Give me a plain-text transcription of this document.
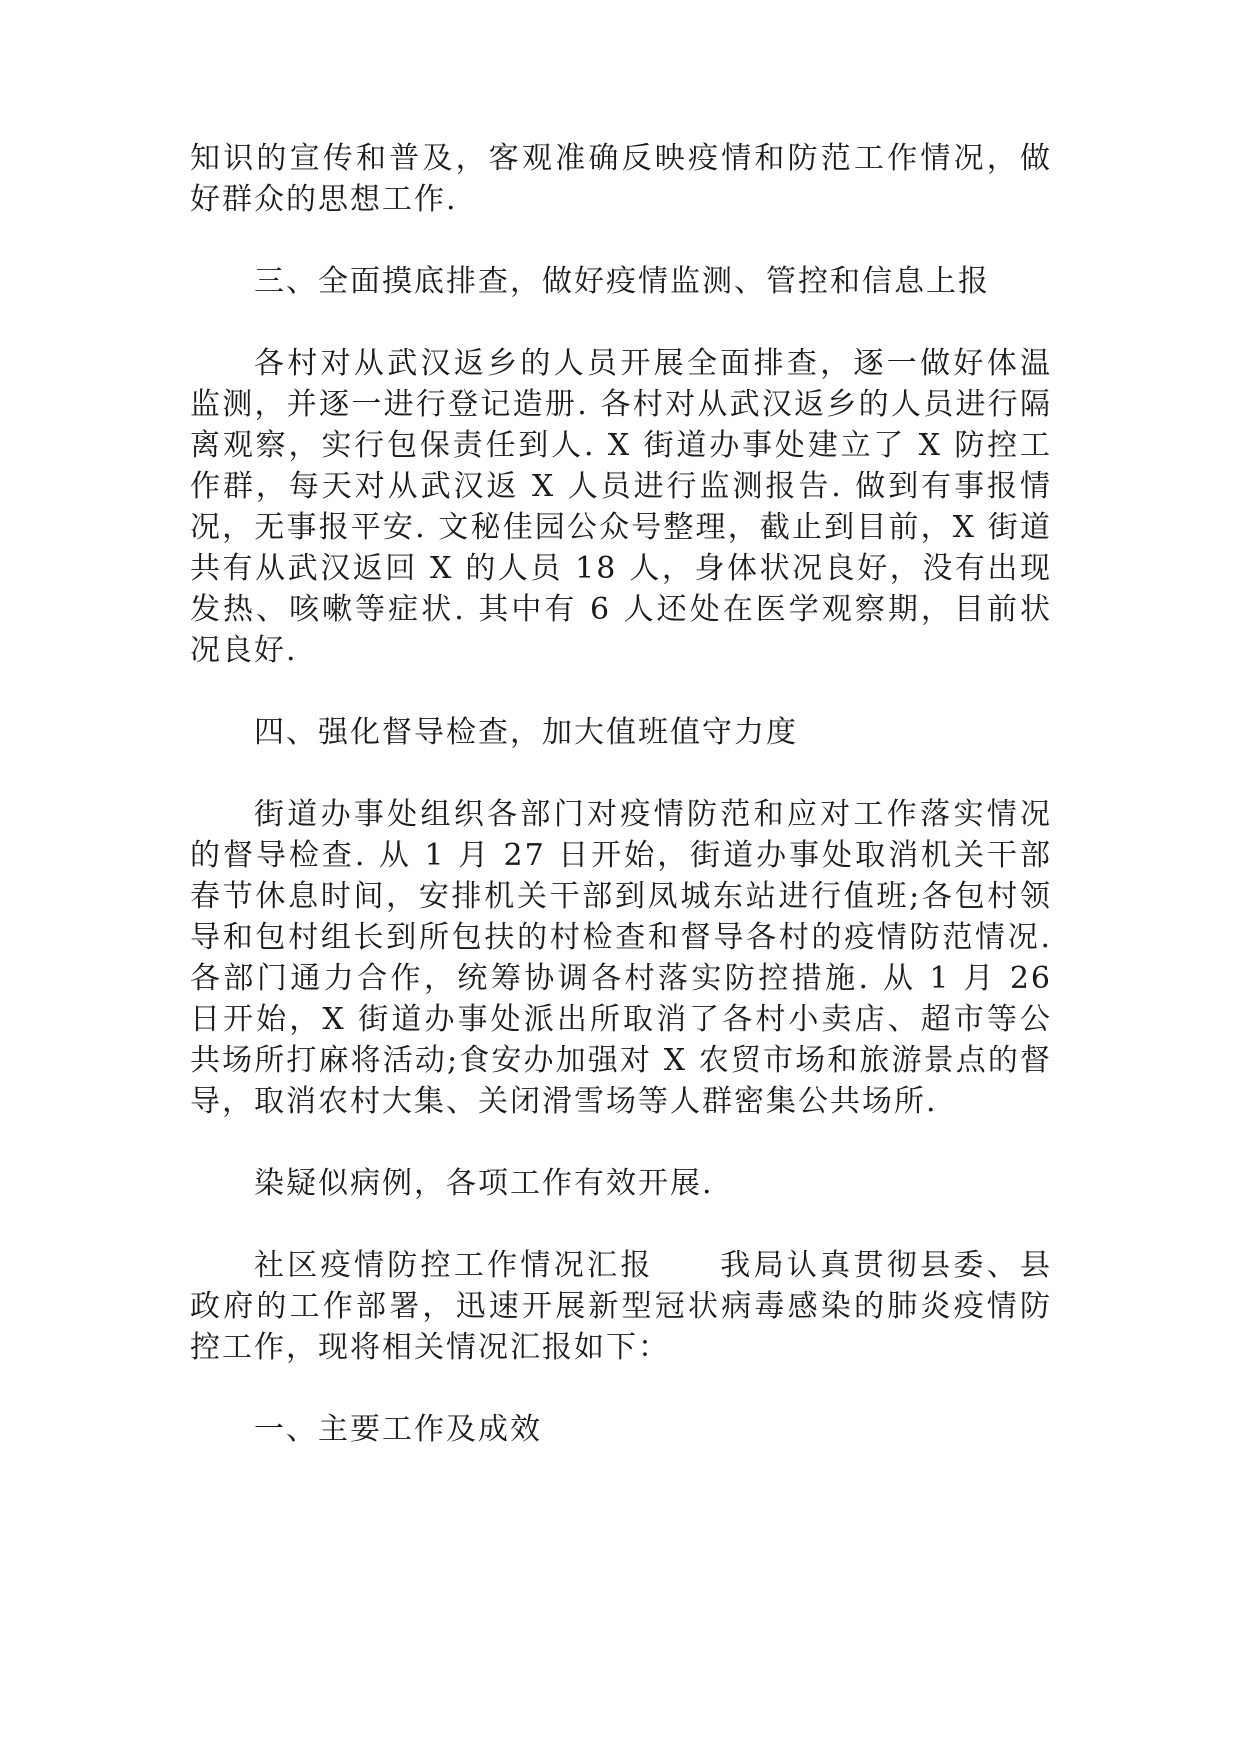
知识的宣传和普及，客观准确反映疫情和防范工作情况，做好群众的思想工作.

三、全面摸底排查，做好疫情监测、管控和信息上报

各村对从武汉返乡的人员开展全面排查，逐一做好体温监测，并逐一进行登记造册. 各村对从武汉返乡的人员进行隔离观察，实行包保责任到人. X 街道办事处建立了 X 防控工作群，每天对从武汉返 X 人员进行监测报告. 做到有事报情况，无事报平安. 文秘佳园公众号整理，截止到目前，X 街道共有从武汉返回 X 的人员 18 人，身体状况良好，没有出现发热、咳嗽等症状. 其中有 6 人还处在医学观察期，目前状况良好.

四、强化督导检查，加大值班值守力度

街道办事处组织各部门对疫情防范和应对工作落实情况的督导检查. 从 1 月 27 日开始，街道办事处取消机关干部春节休息时间，安排机关干部到凤城东站进行值班;各包村领导和包村组长到所包扶的村检查和督导各村的疫情防范情况. 各部门通力合作，统筹协调各村落实防控措施. 从 1 月 26 日开始，X 街道办事处派出所取消了各村小卖店、超市等公共场所打麻将活动;食安办加强对 X 农贸市场和旅游景点的督导，取消农村大集、关闭滑雪场等人群密集公共场所.

染疑似病例，各项工作有效开展.

社区疫情防控工作情况汇报　　我局认真贯彻县委、县政府的工作部署，迅速开展新型冠状病毒感染的肺炎疫情防控工作，现将相关情况汇报如下：

一、主要工作及成效
